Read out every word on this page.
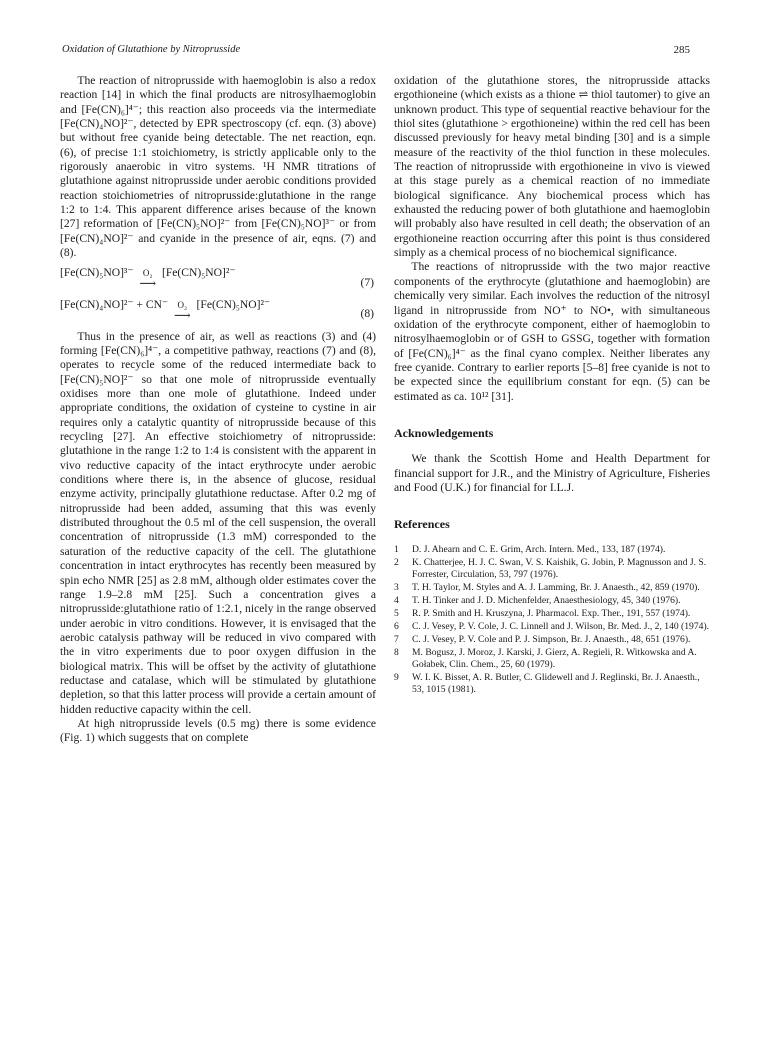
Oxidation of Glutathione by Nitroprusside	285

The reaction of nitroprusside with haemoglobin is also a redox reaction [14] in which the final products are nitrosylhaemoglobin and [Fe(CN)₆]⁴⁻; this reaction also proceeds via the intermediate [Fe(CN)₄NO]²⁻, detected by EPR spectroscopy (cf. eqn. (3) above) but without free cyanide being detectable. The net reaction, eqn. (6), of precise 1:1 stoichiometry, is strictly applicable only to the rigorously anaerobic in vitro systems. ¹H NMR titrations of glutathione against nitroprusside under aerobic conditions provided reaction stoichiometries of nitroprusside:glutathione in the range 1:2 to 1:4. This apparent difference arises because of the known [27] reformation of [Fe(CN)₅NO]²⁻ from [Fe(CN)₅NO]³⁻ or from [Fe(CN)₄NO]²⁻ and cyanide in the presence of air, eqns. (7) and (8).

[Fe(CN)₅NO]³⁻ O₂
⟶
[Fe(CN)₅NO]²⁻
(7)
[Fe(CN)₄NO]²⁻ + CN⁻ O₂
⟶
[Fe(CN)₅NO]²⁻
(8)

Thus in the presence of air, as well as reactions (3) and (4) forming [Fe(CN)₆]⁴⁻, a competitive pathway, reactions (7) and (8), operates to recycle some of the reduced intermediate back to [Fe(CN)₅NO]²⁻ so that one mole of nitroprusside eventually oxidises more than one mole of glutathione. Indeed under appropriate conditions, the oxidation of cysteine to cystine in air requires only a catalytic quantity of nitroprusside because of this recycling [27]. An effective stoichiometry of nitroprusside: glutathione in the range 1:2 to 1:4 is consistent with the apparent in vivo reductive capacity of the intact erythrocyte under aerobic conditions where there is, in the absence of glucose, residual enzyme activity, principally glutathione reductase. After 0.2 mg of nitroprusside had been added, assuming that this was evenly distributed throughout the 0.5 ml of the cell suspension, the overall concentration of nitroprusside (1.3 mM) corresponded to the saturation of the reductive capacity of the cell. The glutathione concentration in intact erythrocytes has recently been measured by spin echo NMR [25] as 2.8 mM, although older estimates cover the range 1.9–2.8 mM [25]. Such a concentration gives a nitroprusside:glutathione ratio of 1:2.1, nicely in the range observed under aerobic in vitro conditions. However, it is envisaged that the aerobic catalysis pathway will be reduced in vivo compared with the in vitro experiments due to poor oxygen diffusion in the biological matrix. This will be offset by the activity of glutathione reductase and catalase, which will be stimulated by glutathione depletion, so that this latter process will provide a certain amount of hidden reductive capacity within the cell.

At high nitroprusside levels (0.5 mg) there is some evidence (Fig. 1) which suggests that on complete

oxidation of the glutathione stores, the nitroprusside attacks ergothioneine (which exists as a thione ⇌ thiol tautomer) to give an unknown product. This type of sequential reactive behaviour for the thiol sites (glutathione > ergothioneine) within the red cell has been discussed previously for heavy metal binding [30] and is a simple measure of the reactivity of the thiol function in these molecules. The reaction of nitroprusside with ergothioneine in vivo is viewed at this stage purely as a chemical reaction of no immediate biological significance. Any biochemical process which has exhausted the reducing power of both glutathione and haemoglobin will probably also have resulted in cell death; the observation of an ergothioneine reaction occurring after this point is thus considered simply as a chemical process of no biochemical significance.

The reactions of nitroprusside with the two major reactive components of the erythrocyte (glutathione and haemoglobin) are chemically very similar. Each involves the reduction of the nitrosyl ligand in nitroprusside from NO⁺ to NO•, with simultaneous oxidation of the erythrocyte component, either of haemoglobin to nitrosylhaemoglobin or of GSH to GSSG, together with formation of [Fe(CN)₆]⁴⁻ as the final cyano complex. Neither liberates any free cyanide. Contrary to earlier reports [5–8] free cyanide is not to be expected since the equilibrium constant for eqn. (5) can be estimated as ca. 10¹² [31].

Acknowledgements

We thank the Scottish Home and Health Department for financial support for J.R., and the Ministry of Agriculture, Fisheries and Food (U.K.) for financial for I.L.J.

References
1	D. J. Ahearn and C. E. Grim, Arch. Intern. Med., 133, 187 (1974).
2	K. Chatterjee, H. J. C. Swan, V. S. Kaishik, G. Jobin, P. Magnusson and J. S. Forrester, Circulation, 53, 797 (1976).
3	T. H. Taylor, M. Styles and A. J. Lamming, Br. J. Anaesth., 42, 859 (1970).
4	T. H. Tinker and J. D. Michenfelder, Anaesthesiology, 45, 340 (1976).
5	R. P. Smith and H. Kruszyna, J. Pharmacol. Exp. Ther., 191, 557 (1974).
6	C. J. Vesey, P. V. Cole, J. C. Linnell and J. Wilson, Br. Med. J., 2, 140 (1974).
7	C. J. Vesey, P. V. Cole and P. J. Simpson, Br. J. Anaesth., 48, 651 (1976).
8	M. Bogusz, J. Moroz, J. Karski, J. Gierz, A. Regieli, R. Witkowska and A. Gołabek, Clin. Chem., 25, 60 (1979).
9	W. I. K. Bisset, A. R. Butler, C. Glidewell and J. Reglinski, Br. J. Anaesth., 53, 1015 (1981).
